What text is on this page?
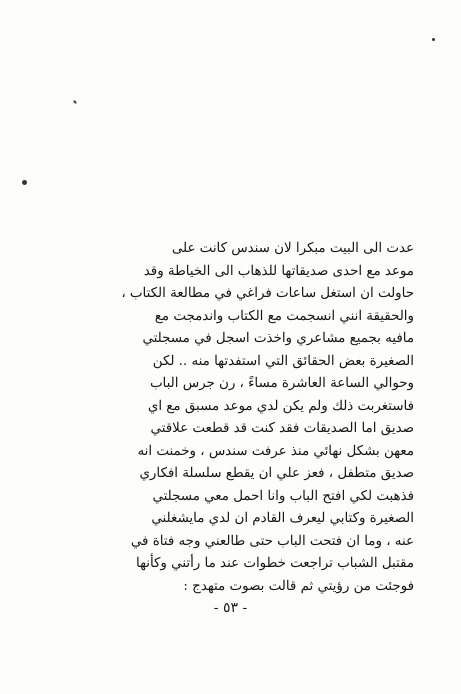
عدت الى البيت مبكرا لان سندس كانت على
موعد مع احدى صديقاتها للذهاب الى الخياطة وقد
حاولت ان استغل ساعات فراغي في مطالعة الكتاب ،
والحقيقة انني انسجمت مع الكتاب واندمجت مع
مافيه بجميع مشاعري واخذت اسجل في مسجلتي
الصغيرة بعض الحقائق التي استفدتها منه .. لكن
وحوالي الساعة العاشرة مساءً ، رن جرس الباب
فاستغربت ذلك ولم يكن لدي موعد مسبق مع اي
صديق اما الصديقات فقد كنت قد قطعت علاقتي
معهن بشكل نهائي منذ عرفت سندس ، وخمنت انه
صديق متطفل ، فعز علي ان يقطع سلسلة افكاري
فذهبت لكي افتح الباب وانا احمل معي مسجلتي
الصغيرة وكتابي ليعرف القادم ان لدي مايشغلني
عنه ، وما ان فتحت الباب حتى طالعني وجه فتاة في
مقتبل الشباب تراجعت خطوات عند ما رأتني وكأنها
فوجئت من رؤيتي ثم قالت بصوت متهدج :
- ٥٣ -
